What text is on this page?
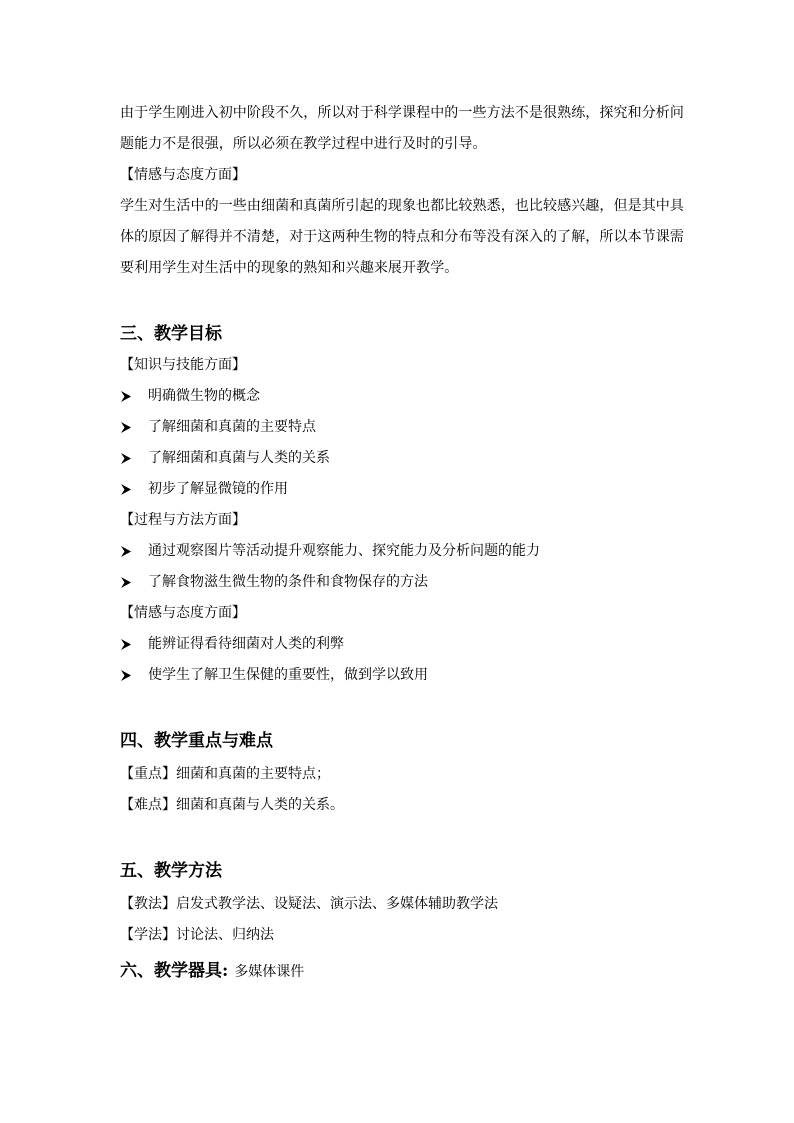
由于学生刚进入初中阶段不久，所以对于科学课程中的一些方法不是很熟练，探究和分析问
题能力不是很强，所以必须在教学过程中进行及时的引导。

【情感与态度方面】

学生对生活中的一些由细菌和真菌所引起的现象也都比较熟悉，也比较感兴趣，但是其中具
体的原因了解得并不清楚，对于这两种生物的特点和分布等没有深入的了解，所以本节课需
要利用学生对生活中的现象的熟知和兴趣来展开教学。

三、教学目标

【知识与技能方面】

明确微生物的概念
了解细菌和真菌的主要特点
了解细菌和真菌与人类的关系
初步了解显微镜的作用

【过程与方法方面】

通过观察图片等活动提升观察能力、探究能力及分析问题的能力
了解食物滋生微生物的条件和食物保存的方法

【情感与态度方面】

能辨证得看待细菌对人类的利弊
使学生了解卫生保健的重要性，做到学以致用
四、教学重点与难点

【重点】细菌和真菌的主要特点；

【难点】细菌和真菌与人类的关系。

五、教学方法

【教法】启发式教学法、设疑法、演示法、多媒体辅助教学法

【学法】讨论法、归纳法

六、教学器具: 多媒体课件
